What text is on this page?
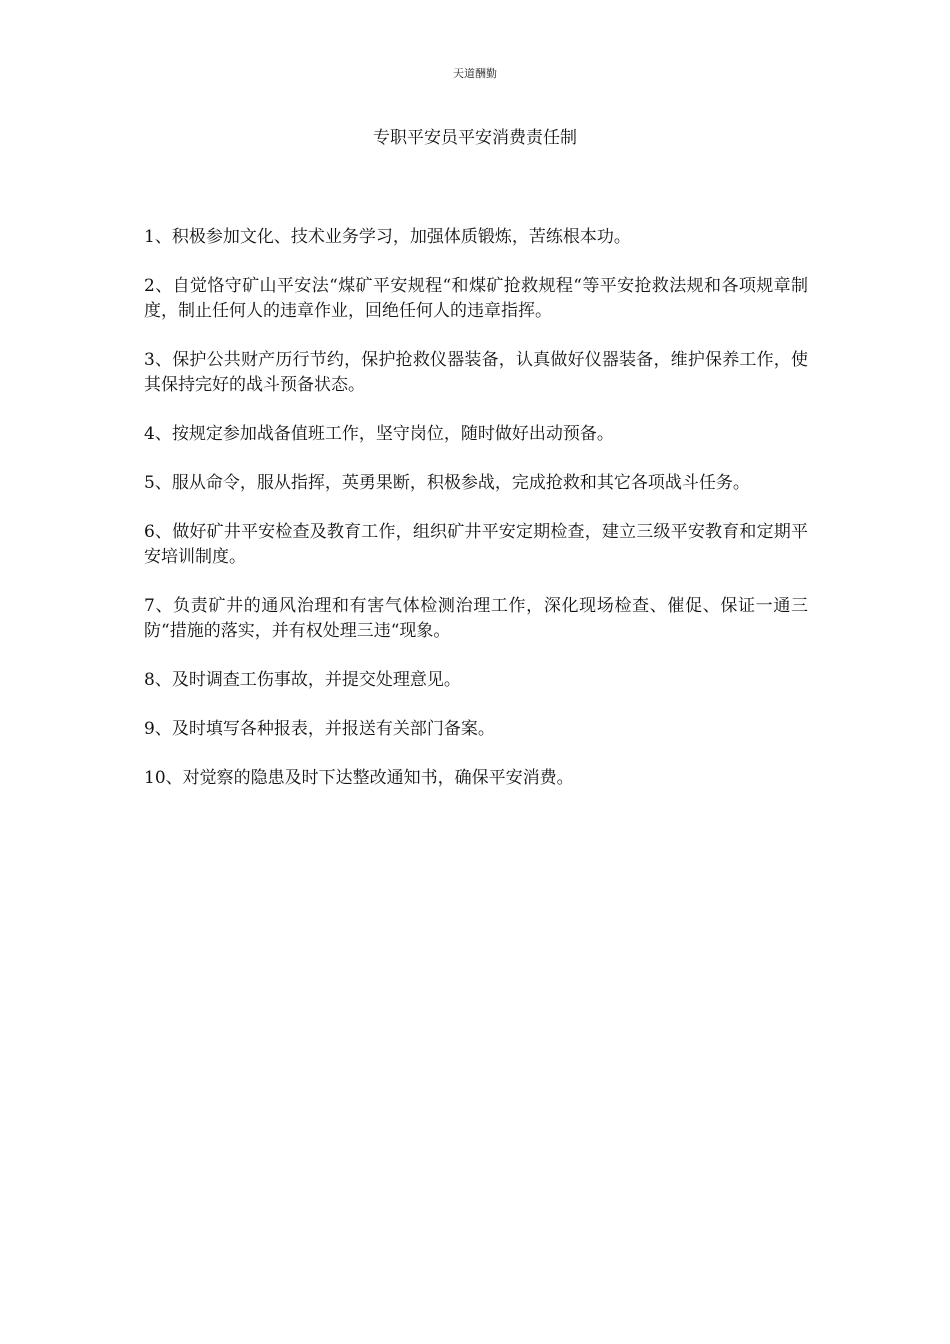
天道酬勤
专职平安员平安消费责任制

1、积极参加文化、技术业务学习，加强体质锻炼，苦练根本功。

2、自觉恪守矿山平安法“煤矿平安规程“和煤矿抢救规程“等平安抢救法规和各项规章制度，制止任何人的违章作业，回绝任何人的违章指挥。

3、保护公共财产历行节约，保护抢救仪器装备，认真做好仪器装备，维护保养工作，使其保持完好的战斗预备状态。

4、按规定参加战备值班工作，坚守岗位，随时做好出动预备。

5、服从命令，服从指挥，英勇果断，积极参战，完成抢救和其它各项战斗任务。

6、做好矿井平安检查及教育工作，组织矿井平安定期检查，建立三级平安教育和定期平安培训制度。

7、负责矿井的通风治理和有害气体检测治理工作，深化现场检查、催促、保证一通三防“措施的落实，并有权处理三违“现象。

8、及时调查工伤事故，并提交处理意见。

9、及时填写各种报表，并报送有关部门备案。

10、对觉察的隐患及时下达整改通知书，确保平安消费。
